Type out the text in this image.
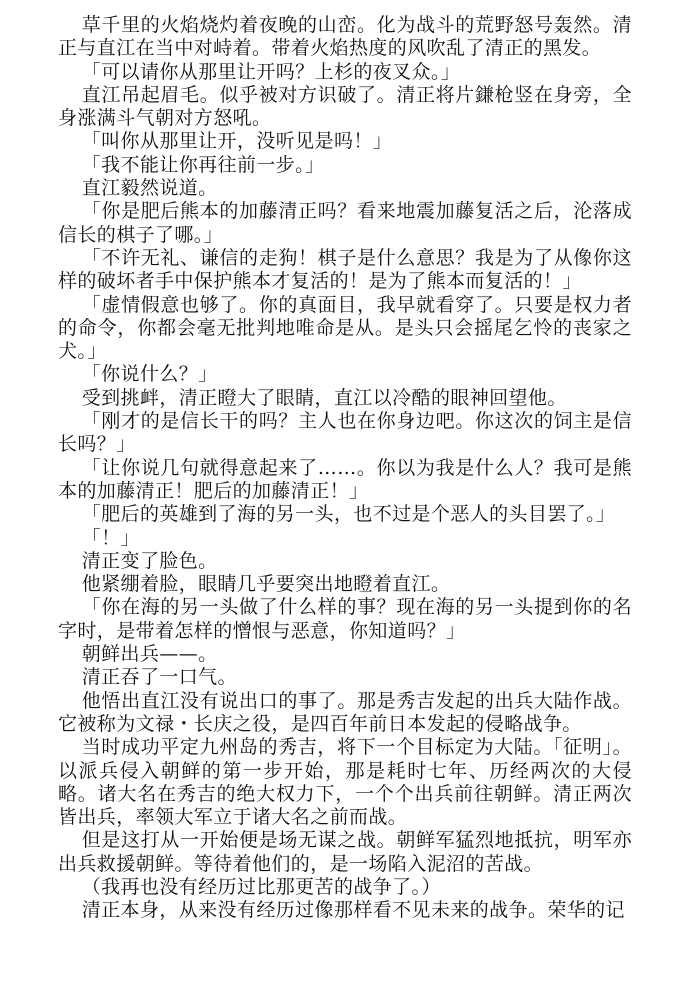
草千里的火焰烧灼着夜晚的山峦。化为战斗的荒野怒号轰然。清正与直江在当中对峙着。带着火焰热度的风吹乱了清正的黑发。

「可以请你从那里让开吗？上杉的夜叉众。」

直江吊起眉毛。似乎被对方识破了。清正将片鎌枪竖在身旁，全身涨满斗气朝对方怒吼。

「叫你从那里让开，没听见是吗！」

「我不能让你再往前一步。」

直江毅然说道。

「你是肥后熊本的加藤清正吗？看来地震加藤复活之后，沦落成信长的棋子了哪。」

「不许无礼、谦信的走狗！棋子是什么意思？我是为了从像你这样的破坏者手中保护熊本才复活的！是为了熊本而复活的！」

「虚情假意也够了。你的真面目，我早就看穿了。只要是权力者的命令，你都会毫无批判地唯命是从。是头只会摇尾乞怜的丧家之犬。」

「你说什么？」

受到挑衅，清正瞪大了眼睛，直江以冷酷的眼神回望他。

「刚才的是信长干的吗？主人也在你身边吧。你这次的饲主是信长吗？」

「让你说几句就得意起来了……。你以为我是什么人？我可是熊本的加藤清正！肥后的加藤清正！」

「肥后的英雄到了海的另一头，也不过是个恶人的头目罢了。」

「！」

清正变了脸色。

他紧绷着脸，眼睛几乎要突出地瞪着直江。

「你在海的另一头做了什么样的事？现在海的另一头提到你的名字时，是带着怎样的憎恨与恶意，你知道吗？」

朝鲜出兵——。

清正吞了一口气。

他悟出直江没有说出口的事了。那是秀吉发起的出兵大陆作战。它被称为文禄・长庆之役，是四百年前日本发起的侵略战争。

当时成功平定九州岛的秀吉，将下一个目标定为大陆。「征明」。以派兵侵入朝鲜的第一步开始，那是耗时七年、历经两次的大侵略。诸大名在秀吉的绝大权力下，一个个出兵前往朝鲜。清正两次皆出兵，率领大军立于诸大名之前而战。

但是这打从一开始便是场无谋之战。朝鲜军猛烈地抵抗，明军亦出兵救援朝鲜。等待着他们的，是一场陷入泥沼的苦战。

（我再也没有经历过比那更苦的战争了。）

清正本身，从来没有经历过像那样看不见未来的战争。荣华的记
